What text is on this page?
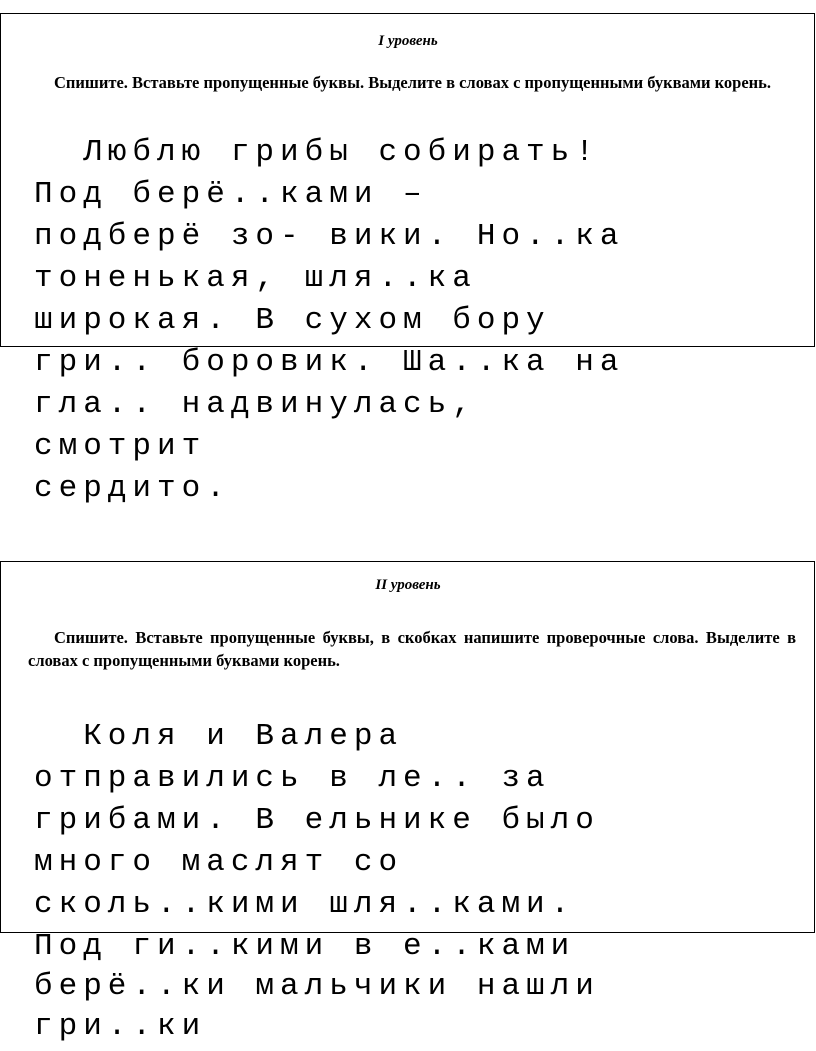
I уровень
Спишите. Вставьте пропущенные буквы. Выделите в словах с пропущенными буквами корень.
Люблю грибы собирать!
Под берё..ками –
подберё зо- вики. Но..ка
тоненькая, шля..ка
широкая. В сухом бору
гри.. боровик. Ша..ка на
гла.. надвинулась,
смотрит
сердито.
II уровень
Спишите. Вставьте пропущенные буквы, в скобках напишите проверочные слова. Выделите в словах с пропущенными буквами корень.
Коля и Валера
отправились в ле.. за
грибами. В ельнике было
много маслят со
сколь..кими шля..ками.
Под ги..кими в е..ками
берё..ки мальчики нашли
гри..ки
